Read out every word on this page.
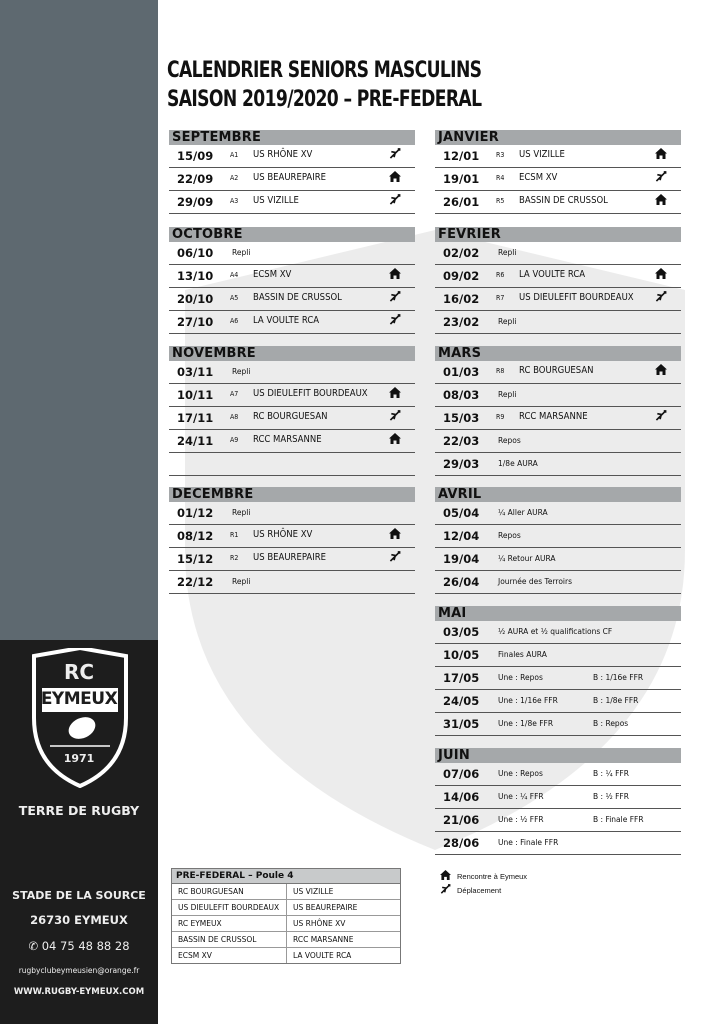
RC
EYMEUX
1971
TERRE DE RUGBY
STADE DE LA SOURCE
26730 EYMEUX
✆ 04 75 48 88 28
rugbyclubeymeusien@orange.fr
WWW.RUGBY-EYMEUX.COM
CALENDRIER SENIORS MASCULINS
SAISON 2019/2020 – PRE-FEDERAL
SEPTEMBRE
15/09 A1 US RHÔNE XV
22/09 A2 US BEAUREPAIRE
29/09 A3 US VIZILLE
OCTOBRE
06/10	Repli
13/10 A4 ECSM XV
20/10 A5 BASSIN DE CRUSSOL
27/10 A6 LA VOULTE RCA
NOVEMBRE
03/11	Repli
10/11 A7 US DIEULEFIT BOURDEAUX
17/11 A8 RC BOURGUESAN
24/11 A9 RCC MARSANNE
DECEMBRE
01/12	Repli
08/12 R1 US RHÔNE XV
15/12 R2 US BEAUREPAIRE
22/12	Repli
JANVIER
12/01 R3 US VIZILLE
19/01 R4 ECSM XV
26/01 R5 BASSIN DE CRUSSOL
FEVRIER
02/02	Repli
09/02 R6 LA VOULTE RCA
16/02 R7 US DIEULEFIT BOURDEAUX
23/02	Repli
MARS
01/03 R8 RC BOURGUESAN
08/03	Repli
15/03 R9 RCC MARSANNE
22/03	Repos
29/03	1/8e AURA
AVRIL
05/04	¼ Aller AURA
12/04	Repos
19/04	¼ Retour AURA
26/04	Journée des Terroirs
MAI
03/05	½ AURA et ½ qualifications CF
10/05	Finales AURA
17/05	Une : Repos	B : 1/16e FFR
24/05	Une : 1/16e FFR	B : 1/8e FFR
31/05	Une : 1/8e FFR	B : Repos
JUIN
07/06	Une : Repos	B : ¼ FFR
14/06	Une : ¼ FFR	B : ½ FFR
21/06	Une : ½ FFR	B : Finale FFR
28/06	Une : Finale FFR
Rencontre à Eymeux
Déplacement
PRE-FEDERAL – Poule 4
RC BOURGUESAN	US VIZILLE
US DIEULEFIT BOURDEAUX	US BEAUREPAIRE
RC EYMEUX	US RHÔNE XV
BASSIN DE CRUSSOL	RCC MARSANNE
ECSM XV	LA VOULTE RCA
